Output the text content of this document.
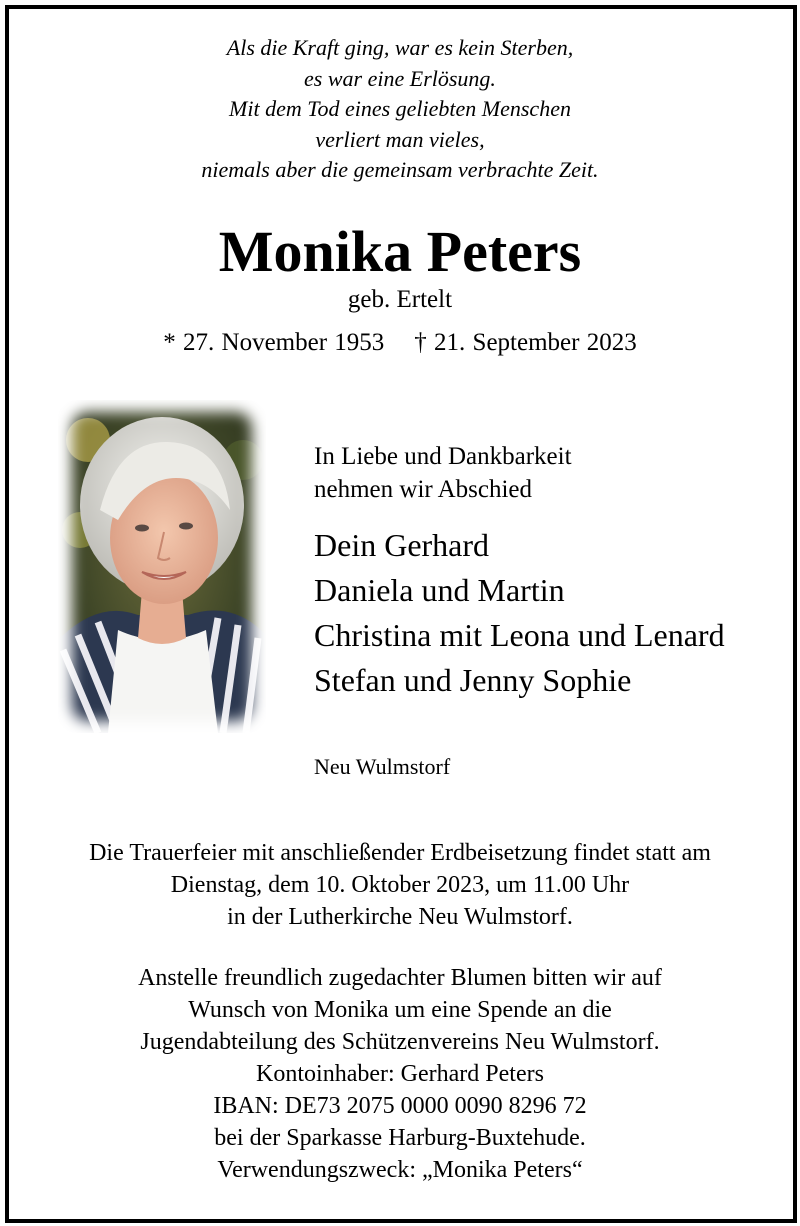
Als die Kraft ging, war es kein Sterben,
es war eine Erlösung.
Mit dem Tod eines geliebten Menschen
verliert man vieles,
niemals aber die gemeinsam verbrachte Zeit.
Monika Peters
geb. Ertelt
* 27. November 1953 † 21. September 2023
In Liebe und Dankbarkeit
nehmen wir Abschied
Dein Gerhard
Daniela und Martin
Christina mit Leona und Lenard
Stefan und Jenny Sophie
Neu Wulmstorf
Die Trauerfeier mit anschließender Erdbeisetzung findet statt am
Dienstag, dem 10. Oktober 2023, um 11.00 Uhr
in der Lutherkirche Neu Wulmstorf.
Anstelle freundlich zugedachter Blumen bitten wir auf
Wunsch von Monika um eine Spende an die
Jugendabteilung des Schützenvereins Neu Wulmstorf.
Kontoinhaber: Gerhard Peters
IBAN: DE73 2075 0000 0090 8296 72
bei der Sparkasse Harburg-Buxtehude.
Verwendungszweck: „Monika Peters“
